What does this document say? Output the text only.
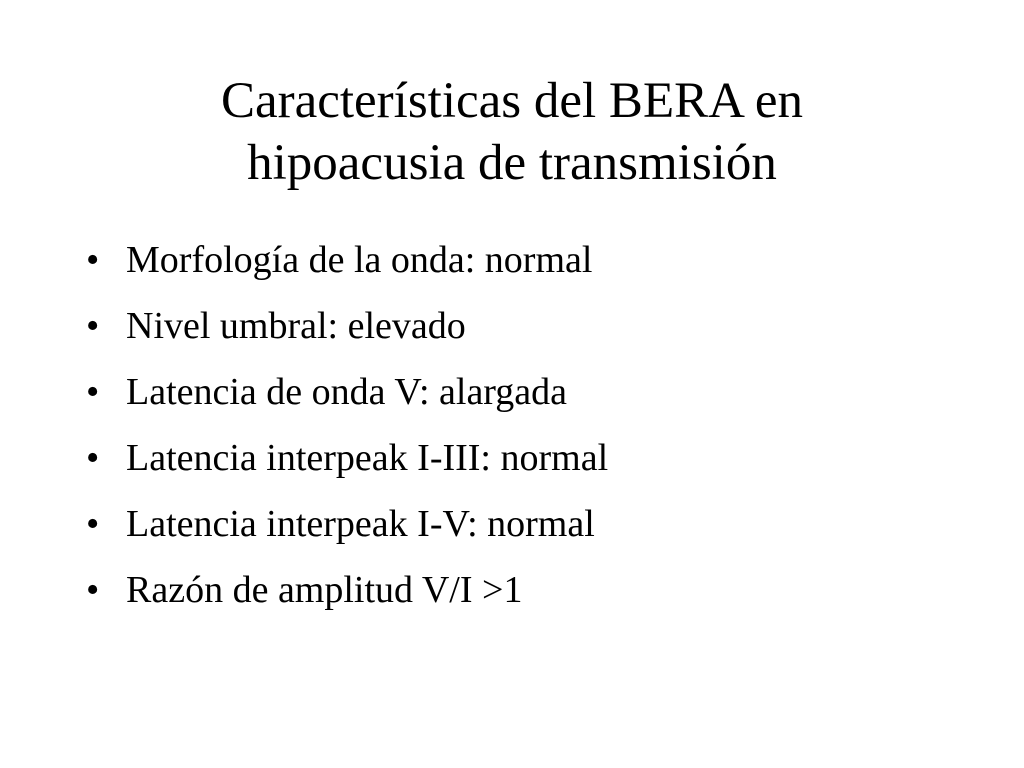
Características del BERA en
hipoacusia de transmisión
• Morfología de la onda: normal
• Nivel umbral: elevado
• Latencia de onda V: alargada
• Latencia interpeak I-III: normal
• Latencia interpeak I-V: normal
• Razón de amplitud V/I >1
